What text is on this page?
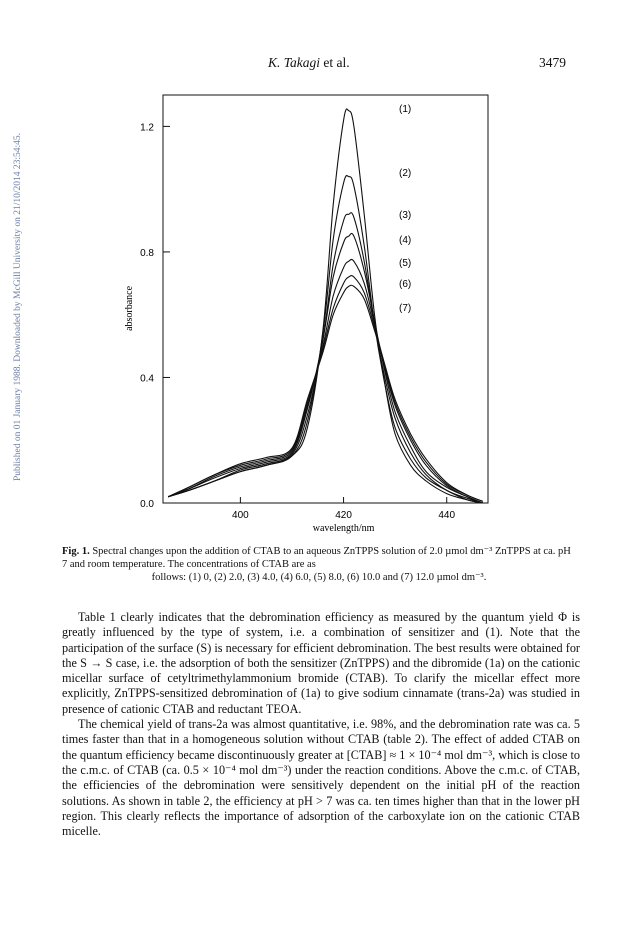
Published on 01 January 1988. Downloaded by McGill University on 21/10/2014 23:54:45.
K. Takagi et al.	3479
0.0
0.4
0.8
1.2
400	420	440
(1)
(2)
(3)
(4)
(5)
(6)
(7)
wavelength/nm
absorbance
Fig. 1. Spectral changes upon the addition of CTAB to an aqueous ZnTPPS solution of 2.0 µmol dm⁻³ ZnTPPS at ca. pH 7 and room temperature. The concentrations of CTAB are as
follows: (1) 0, (2) 2.0, (3) 4.0, (4) 6.0, (5) 8.0, (6) 10.0 and (7) 12.0 µmol dm⁻³.

Table 1 clearly indicates that the debromination efficiency as measured by the quantum yield Φ is greatly influenced by the type of system, i.e. a combination of sensitizer and (1). Note that the participation of the surface (S) is necessary for efficient debromination. The best results were obtained for the S → S case, i.e. the adsorption of both the sensitizer (ZnTPPS) and the dibromide (1a) on the cationic micellar surface of cetyltrimethylammonium bromide (CTAB). To clarify the micellar effect more explicitly, ZnTPPS-sensitized debromination of (1a) to give sodium cinnamate (trans-2a) was studied in presence of cationic CTAB and reductant TEOA.

The chemical yield of trans-2a was almost quantitative, i.e. 98%, and the debromination rate was ca. 5 times faster than that in a homogeneous solution without CTAB (table 2). The effect of added CTAB on the quantum efficiency became discontinuously greater at [CTAB] ≈ 1 × 10⁻⁴ mol dm⁻³, which is close to the c.m.c. of CTAB (ca. 0.5 × 10⁻⁴ mol dm⁻³) under the reaction conditions. Above the c.m.c. of CTAB, the efficiencies of the debromination were sensitively dependent on the initial pH of the reaction solutions. As shown in table 2, the efficiency at pH > 7 was ca. ten times higher than that in the lower pH region. This clearly reflects the importance of adsorption of the carboxylate ion on the cationic CTAB micelle.
